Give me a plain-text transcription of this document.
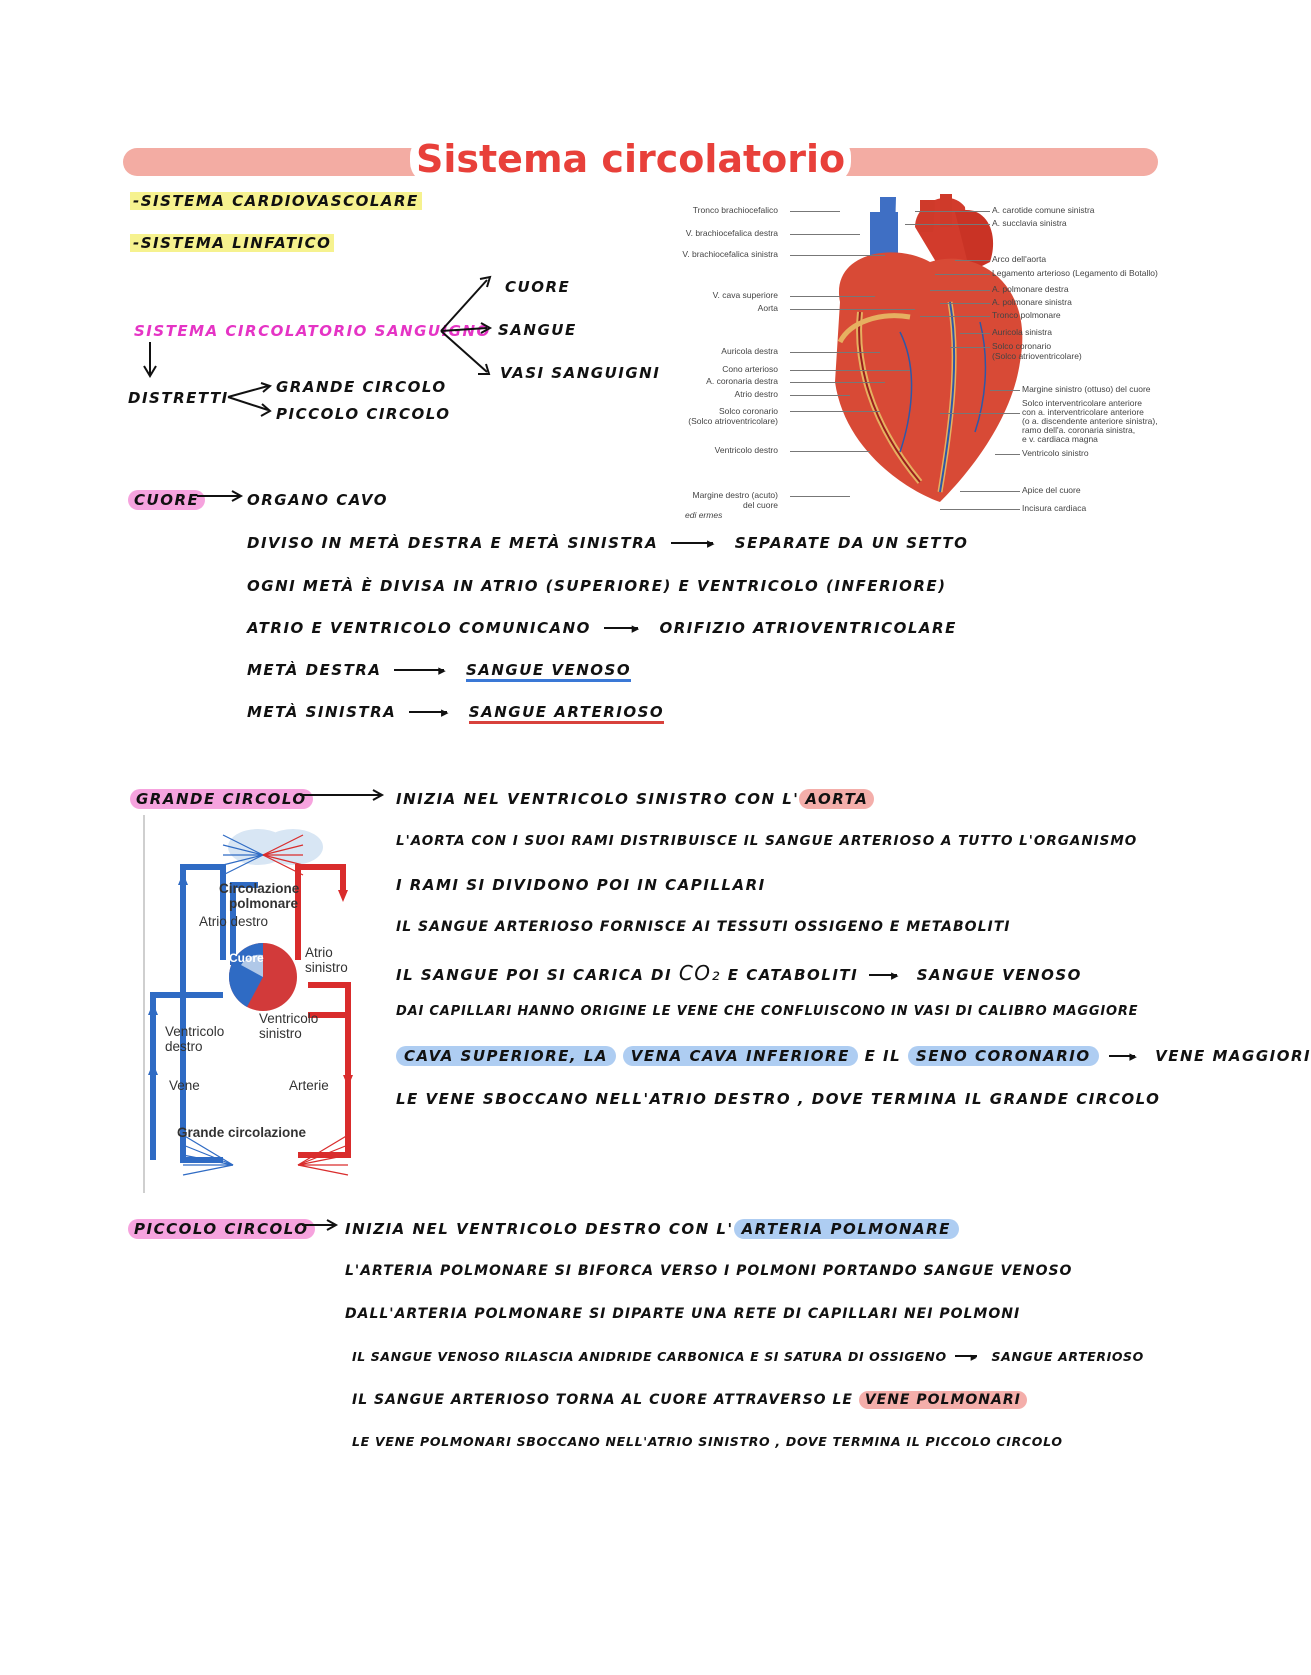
Sistema circolatorio
-SISTEMA CARDIOVASCOLARE
-SISTEMA LINFATICO
SISTEMA CIRCOLATORIO SANGUIGNO
CUORE
SANGUE
VASI SANGUIGNI
DISTRETTI
GRANDE CIRCOLO
PICCOLO CIRCOLO
Tronco brachiocefalico
V. brachiocefalica destra
V. brachiocefalica sinistra
V. cava superiore
Aorta
Auricola destra
Cono arterioso
A. coronaria destra
Atrio destro
Solco coronario
(Solco atrioventricolare)
Ventricolo destro
Margine destro (acuto)
del cuore
edi ermes
A. carotide comune sinistra
A. succlavia sinistra
Arco dell'aorta
Legamento arterioso (Legamento di Botallo)
A. polmonare destra
A. polmonare sinistra
Tronco polmonare
Auricola sinistra
Solco coronario
(Solco atrioventricolare)
Margine sinistro (ottuso) del cuore
Solco interventricolare anteriore
con a. interventricolare anteriore
(o a. discendente anteriore sinistra),
ramo dell'a. coronaria sinistra,
e v. cardiaca magna
Ventricolo sinistro
Apice del cuore
Incisura cardiaca
CUORE	ORGANO CAVO
DIVISO IN METÀ DESTRA E METÀ SINISTRA	▸ SEPARATE DA UN SETTO
OGNI METÀ È DIVISA IN ATRIO (SUPERIORE) E VENTRICOLO (INFERIORE)
ATRIO E VENTRICOLO COMUNICANO	▸ ORIFIZIO ATRIOVENTRICOLARE
METÀ DESTRA	▸ SANGUE VENOSO
METÀ SINISTRA	▸ SANGUE ARTERIOSO
GRANDE CIRCOLO	INIZIA NEL VENTRICOLO SINISTRO CON L' AORTA
L'AORTA CON I SUOI RAMI DISTRIBUISCE IL SANGUE ARTERIOSO A TUTTO L'ORGANISMO
I RAMI SI DIVIDONO POI IN CAPILLARI
IL SANGUE ARTERIOSO FORNISCE AI TESSUTI OSSIGENO E METABOLITI
IL SANGUE POI SI CARICA DI CO₂ E CATABOLITI ▸ SANGUE VENOSO
DAI CAPILLARI HANNO ORIGINE LE VENE CHE CONFLUISCONO IN VASI DI CALIBRO MAGGIORE
CAVA SUPERIORE, LA VENA CAVA INFERIORE E IL SENO CORONARIO	▸ VENE MAGGIORI
LE VENE SBOCCANO NELL'ATRIO DESTRO , DOVE TERMINA IL GRANDE CIRCOLO
Circolazione
polmonare
Atrio destro
Atrio
sinistro
Cuore
Ventricolo
sinistro
Ventricolo
destro
Vene	Arterie
Grande circolazione
PICCOLO CIRCOLO	INIZIA NEL VENTRICOLO DESTRO CON L' ARTERIA POLMONARE
L'ARTERIA POLMONARE SI BIFORCA VERSO I POLMONI PORTANDO SANGUE VENOSO
DALL'ARTERIA POLMONARE SI DIPARTE UNA RETE DI CAPILLARI NEI POLMONI
IL SANGUE VENOSO RILASCIA ANIDRIDE CARBONICA E SI SATURA DI OSSIGENO ▸ SANGUE ARTERIOSO
IL SANGUE ARTERIOSO TORNA AL CUORE ATTRAVERSO LE VENE POLMONARI
LE VENE POLMONARI SBOCCANO NELL'ATRIO SINISTRO , DOVE TERMINA IL PICCOLO CIRCOLO
